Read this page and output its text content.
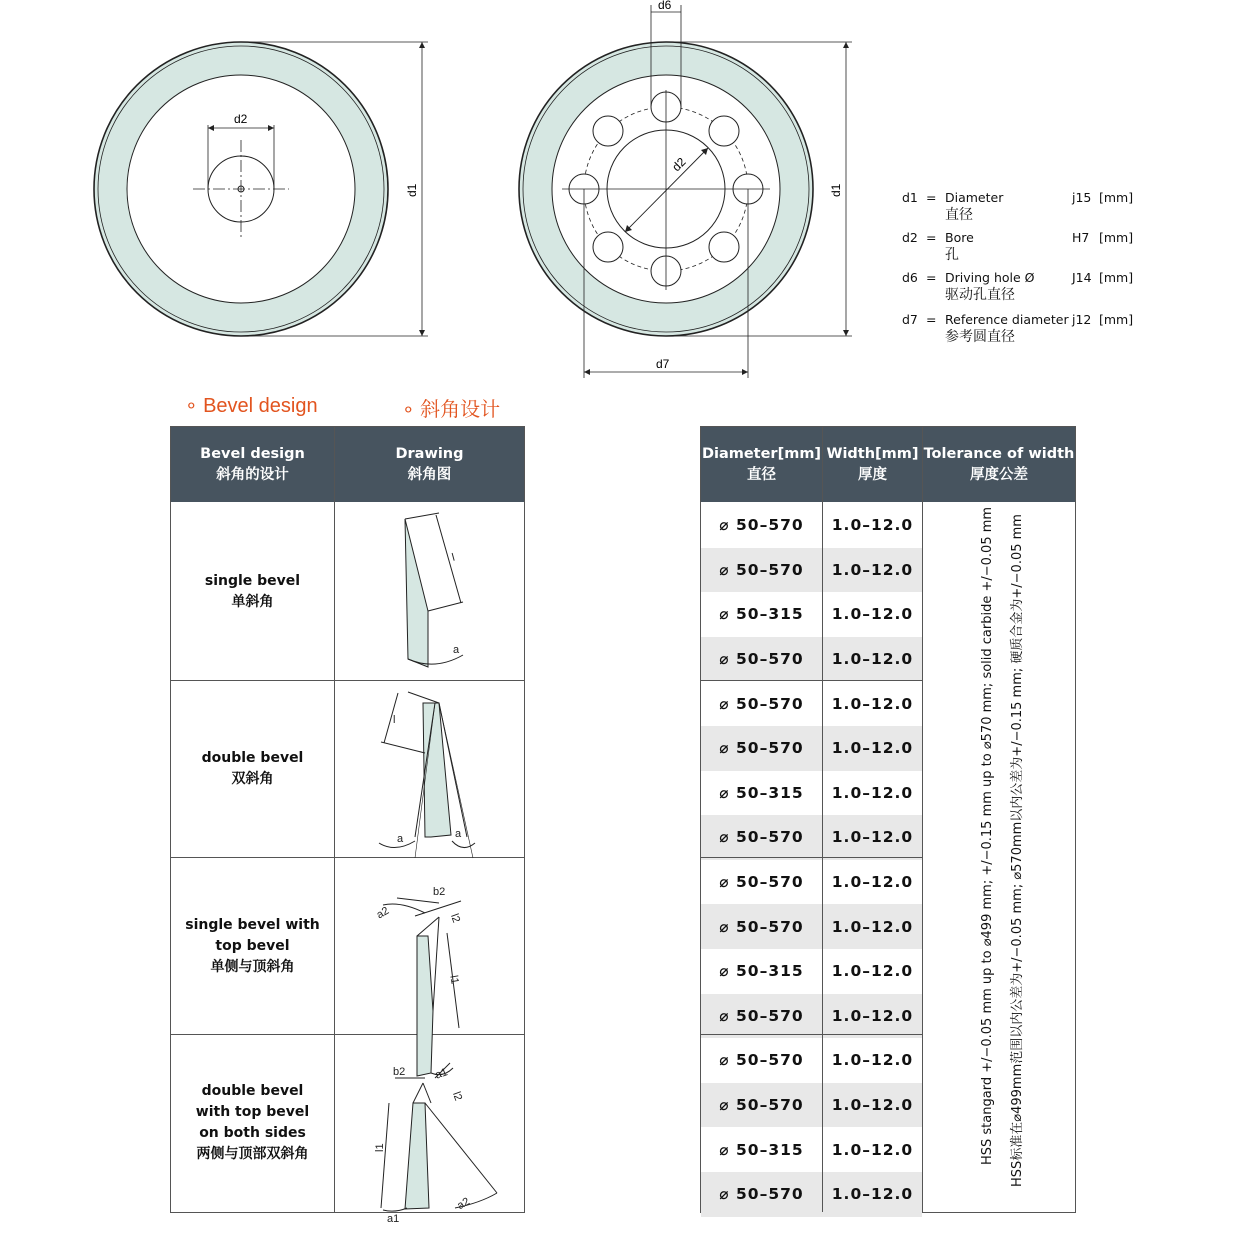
d2
d1
d2
d6
d1
d7
d1 = Diameter
直径
j15 [mm]
d2 = Bore
孔
H7 [mm]
d6 = Driving hole Ø
驱动孔直径
J14 [mm]
d7 = Reference diameter
参考圆直径
j12 [mm]
∘ Bevel design	∘ 斜角设计
Bevel design
斜角的设计
Drawing
斜角图
single bevel
单斜角
double bevel
双斜角
single bevel with
top bevel
单侧与顶斜角
double bevel
with top bevel
on both sides
两侧与顶部双斜角
l
a
l
a	a
b2
a2	l2
l1
a1
b2
l2
l1
a1
a2
Diameter[mm]
直径
Width[mm]
厚度
Tolerance of width
厚度公差
⌀ 50–570	1.0–12.0
⌀ 50–570	1.0–12.0
⌀ 50–315	1.0–12.0
⌀ 50–570	1.0–12.0
⌀ 50–570	1.0–12.0
⌀ 50–570	1.0–12.0
⌀ 50–315	1.0–12.0
⌀ 50–570	1.0–12.0
⌀ 50–570	1.0–12.0
⌀ 50–570	1.0–12.0
⌀ 50–315	1.0–12.0
⌀ 50–570	1.0–12.0
⌀ 50–570	1.0–12.0
⌀ 50–570	1.0–12.0
⌀ 50–315	1.0–12.0
⌀ 50–570	1.0–12.0
HSS stangard +/−0.05 mm up to ⌀499 mm; +/−0.15 mm up to ⌀570 mm; solid carbide +/−0.05 mm	HSS标准在⌀499mm范围以内公差为+/−0.05 mm; ⌀570mm以内公差为+/−0.15 mm; 硬质合金为+/−0.05 mm
